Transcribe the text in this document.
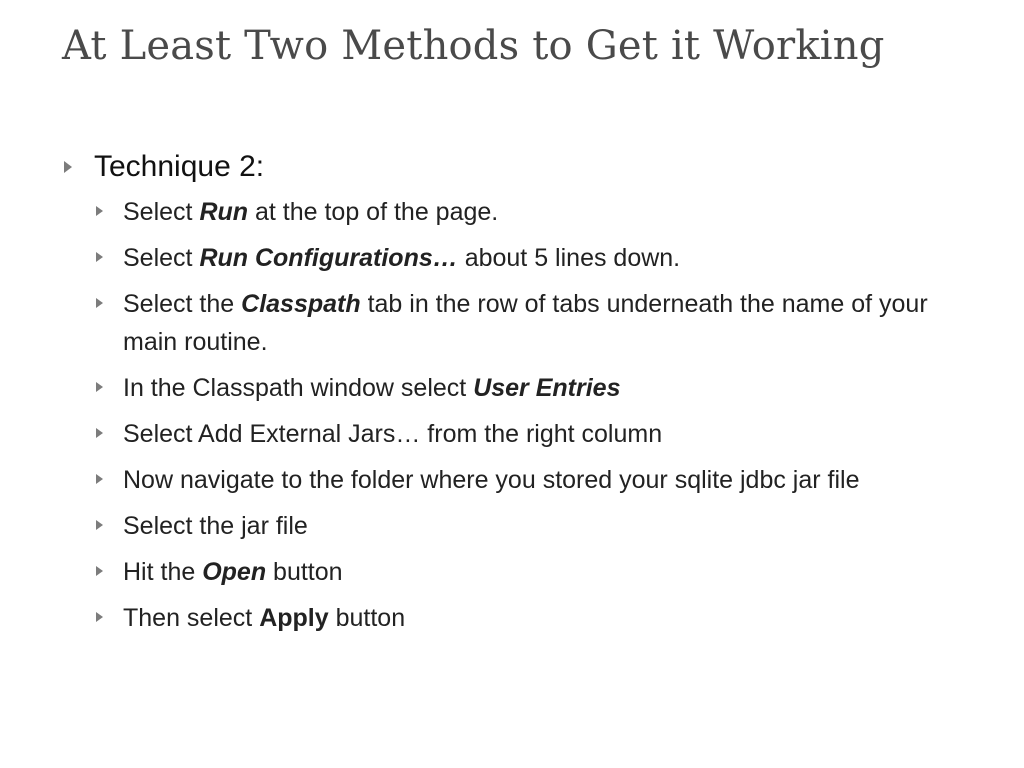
At Least Two Methods to Get it Working
Technique 2:
Select Run at the top of the page.
Select Run Configurations… about 5 lines down.
Select the Classpath tab in the row of tabs underneath the name of your main routine.
In the Classpath window select User Entries
Select Add External Jars… from the right column
Now navigate to the folder where you stored your sqlite jdbc jar file
Select the jar file
Hit the Open button
Then select Apply button
